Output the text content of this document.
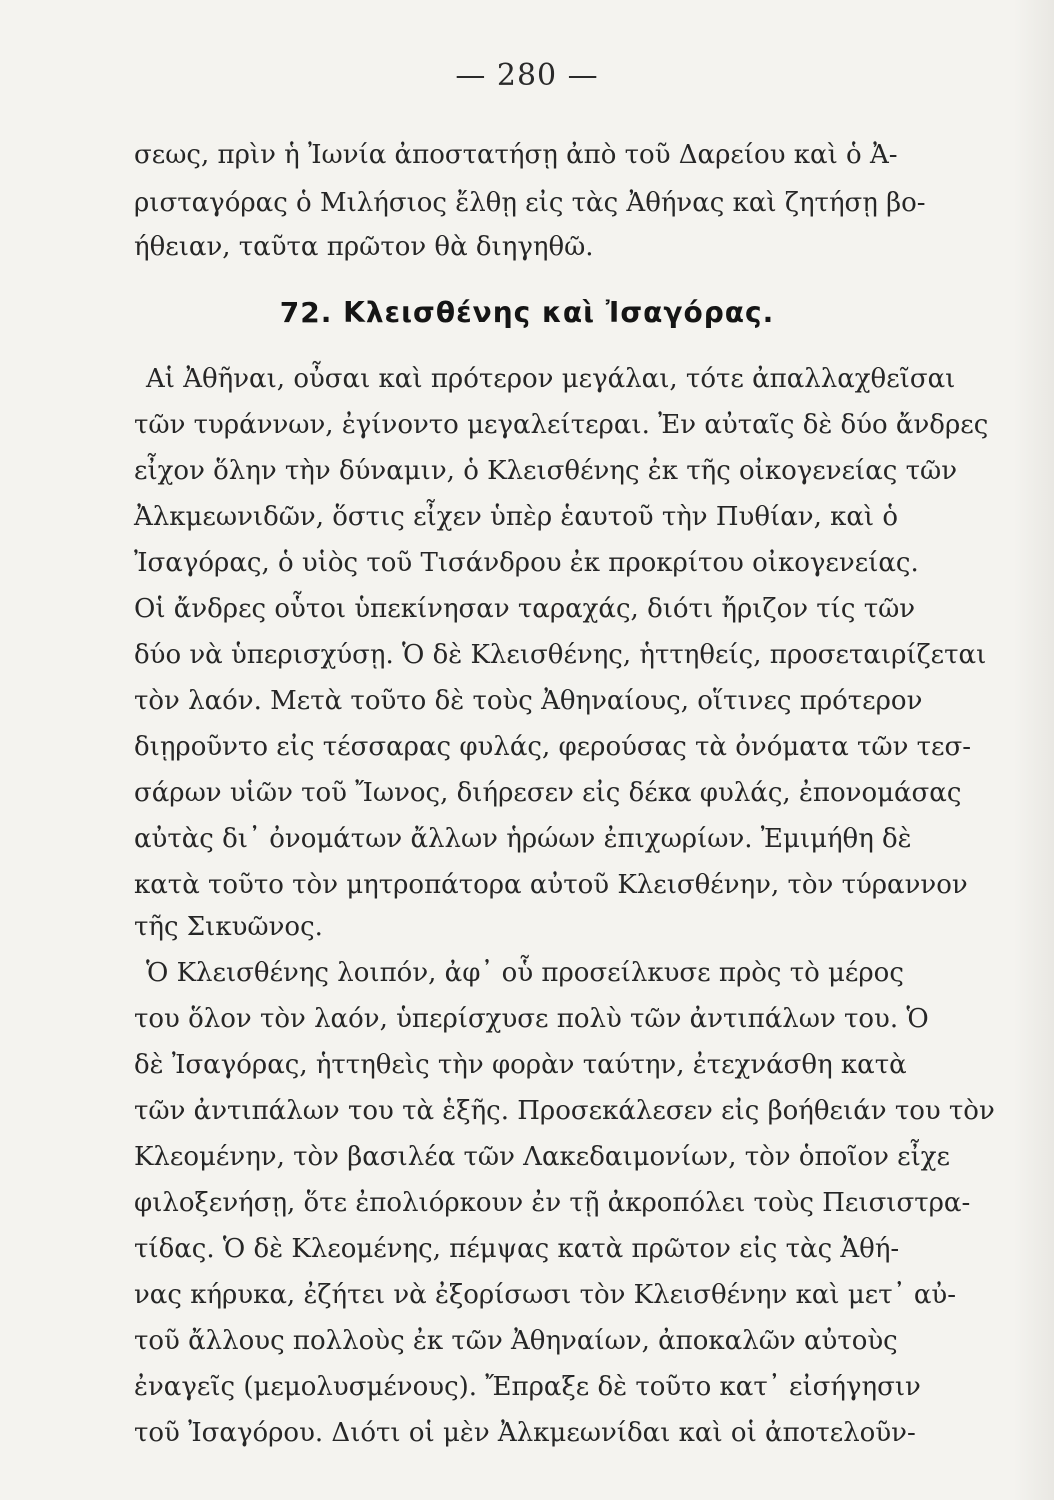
— 280 —
σεως, πρὶν ἡ Ἰωνία ἀποστατήσῃ ἀπὸ τοῦ Δαρείου καὶ ὁ Ἀ-
ρισταγόρας ὁ Μιλήσιος ἔλθῃ εἰς τὰς Ἀθήνας καὶ ζητήσῃ βο-
ήθειαν, ταῦτα πρῶτον θὰ διηγηθῶ.
72. Κλεισθένης καὶ Ἰσαγόρας.
Αἱ Ἀθῆναι, οὖσαι καὶ πρότερον μεγάλαι, τότε ἀπαλλαχθεῖσαι
τῶν τυράννων, ἐγίνοντο μεγαλείτεραι. Ἐν αὐταῖς δὲ δύο ἄνδρες
εἶχον ὅλην τὴν δύναμιν, ὁ Κλεισθένης ἐκ τῆς οἰκογενείας τῶν
Ἀλκμεωνιδῶν, ὅστις εἶχεν ὑπὲρ ἑαυτοῦ τὴν Πυθίαν, καὶ ὁ
Ἰσαγόρας, ὁ υἱὸς τοῦ Τισάνδρου ἐκ προκρίτου οἰκογενείας.
Οἱ ἄνδρες οὗτοι ὑπεκίνησαν ταραχάς, διότι ἤριζον τίς τῶν
δύο νὰ ὑπερισχύσῃ. Ὁ δὲ Κλεισθένης, ἡττηθείς, προσεταιρίζεται
τὸν λαόν. Μετὰ τοῦτο δὲ τοὺς Ἀθηναίους, οἵτινες πρότερον
διῃροῦντο εἰς τέσσαρας φυλάς, φερούσας τὰ ὀνόματα τῶν τεσ-
σάρων υἱῶν τοῦ Ἴωνος, διήρεσεν εἰς δέκα φυλάς, ἐπονομάσας
αὐτὰς δι᾿ ὀνομάτων ἄλλων ἡρώων ἐπιχωρίων. Ἐμιμήθη δὲ
κατὰ τοῦτο τὸν μητροπάτορα αὐτοῦ Κλεισθένην, τὸν τύραννον
τῆς Σικυῶνος.
Ὁ Κλεισθένης λοιπόν, ἀφ᾿ οὗ προσείλκυσε πρὸς τὸ μέρος
του ὅλον τὸν λαόν, ὑπερίσχυσε πολὺ τῶν ἀντιπάλων του. Ὁ
δὲ Ἰσαγόρας, ἡττηθεὶς τὴν φορὰν ταύτην, ἐτεχνάσθη κατὰ
τῶν ἀντιπάλων του τὰ ἑξῆς. Προσεκάλεσεν εἰς βοήθειάν του τὸν
Κλεομένην, τὸν βασιλέα τῶν Λακεδαιμονίων, τὸν ὁποῖον εἶχε
φιλοξενήσῃ, ὅτε ἐπολιόρκουν ἐν τῇ ἀκροπόλει τοὺς Πεισιστρα-
τίδας. Ὁ δὲ Κλεομένης, πέμψας κατὰ πρῶτον εἰς τὰς Ἀθή-
νας κήρυκα, ἐζήτει νὰ ἐξορίσωσι τὸν Κλεισθένην καὶ μετ᾿ αὐ-
τοῦ ἄλλους πολλοὺς ἐκ τῶν Ἀθηναίων, ἀποκαλῶν αὐτοὺς
ἐναγεῖς (μεμολυσμένους). Ἔπραξε δὲ τοῦτο κατ᾿ εἰσήγησιν
τοῦ Ἰσαγόρου. Διότι οἱ μὲν Ἀλκμεωνίδαι καὶ οἱ ἀποτελοῦν-
